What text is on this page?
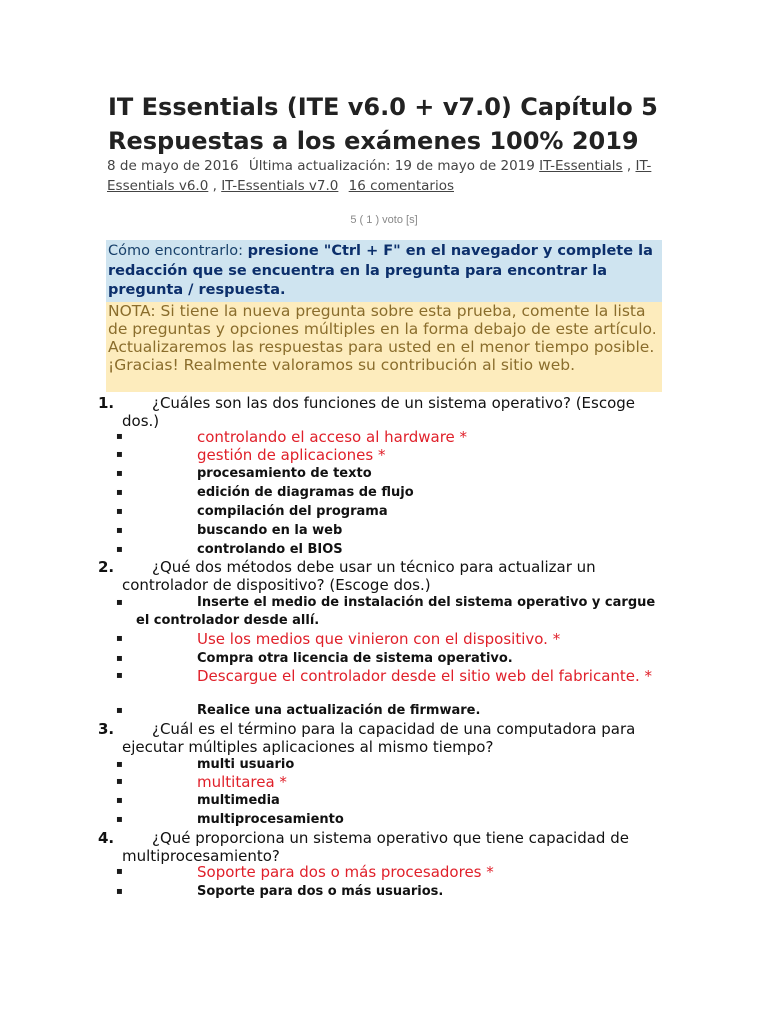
IT Essentials (ITE v6.0 + v7.0) Capítulo 5 Respuestas a los exámenes 100% 2019
8 de mayo de 2016 Última actualización: 19 de mayo de 2019 IT-Essentials , IT-Essentials v6.0 , IT-Essentials v7.0 16 comentarios
5 ( 1 ) voto [s]
Cómo encontrarlo: presione "Ctrl + F" en el navegador y complete la redacción que se encuentra en la pregunta para encontrar la pregunta / respuesta.
NOTA: Si tiene la nueva pregunta sobre esta prueba, comente la lista de preguntas y opciones múltiples en la forma debajo de este artículo. Actualizaremos las respuestas para usted en el menor tiempo posible. ¡Gracias! Realmente valoramos su contribución al sitio web.
1.	¿Cuáles son las dos funciones de un sistema operativo? (Escoge dos.)
▪	controlando el acceso al hardware *
▪	gestión de aplicaciones *
▪	procesamiento de texto
▪	edición de diagramas de flujo
▪	compilación del programa
▪	buscando en la web
▪	controlando el BIOS
2.	¿Qué dos métodos debe usar un técnico para actualizar un controlador de dispositivo? (Escoge dos.)
▪	Inserte el medio de instalación del sistema operativo y cargue el controlador desde allí.
▪	Use los medios que vinieron con el dispositivo. *
▪	Compra otra licencia de sistema operativo.
▪	Descargue el controlador desde el sitio web del fabricante. *
▪	Realice una actualización de firmware.
3.	¿Cuál es el término para la capacidad de una computadora para ejecutar múltiples aplicaciones al mismo tiempo?
▪	multi usuario
▪	multitarea *
▪	multimedia
▪	multiprocesamiento
4.	¿Qué proporciona un sistema operativo que tiene capacidad de multiprocesamiento?
▪	Soporte para dos o más procesadores *
▪	Soporte para dos o más usuarios.
